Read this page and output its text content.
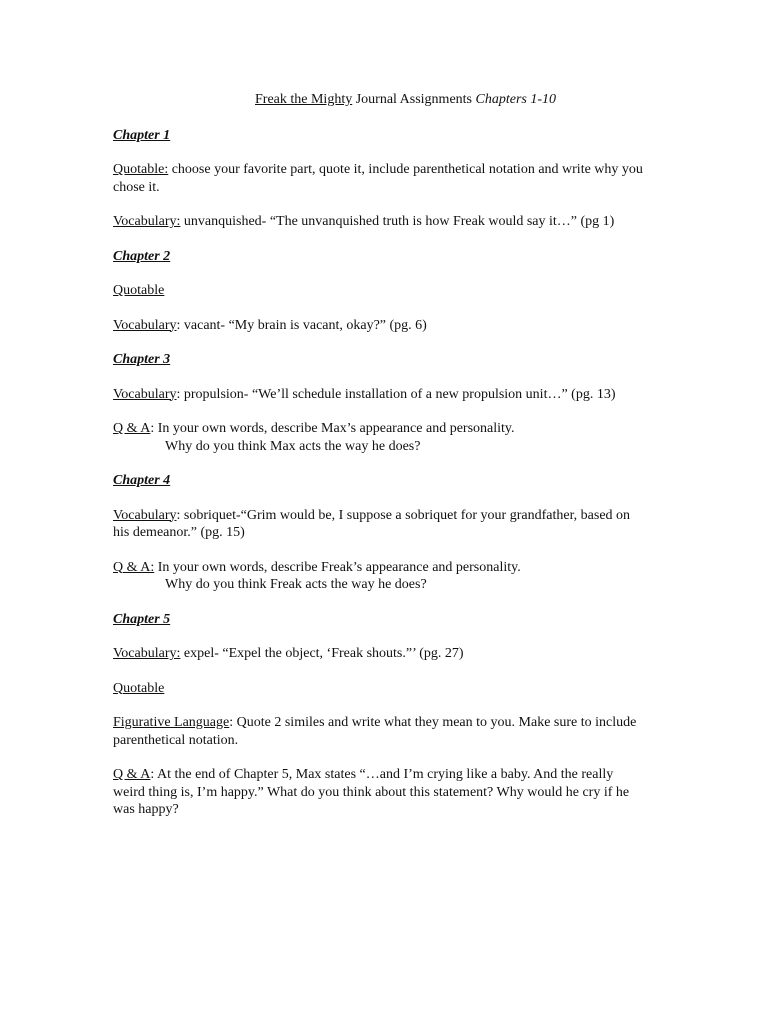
Freak the Mighty Journal Assignments Chapters 1-10
Chapter 1
Quotable: choose your favorite part, quote it, include parenthetical notation and write why you chose it.
Vocabulary: unvanquished- “The unvanquished truth is how Freak would say it…” (pg 1)
Chapter 2
Quotable
Vocabulary: vacant- “My brain is vacant, okay?” (pg. 6)
Chapter 3
Vocabulary: propulsion- “We’ll schedule installation of a new propulsion unit…” (pg. 13)
Q & A: In your own words, describe Max’s appearance and personality.
Why do you think Max acts the way he does?
Chapter 4
Vocabulary: sobriquet-“Grim would be, I suppose a sobriquet for your grandfather, based on his demeanor.” (pg. 15)
Q & A: In your own words, describe Freak’s appearance and personality.
Why do you think Freak acts the way he does?
Chapter 5
Vocabulary: expel- “Expel the object, ‘Freak shouts.”’ (pg. 27)
Quotable
Figurative Language: Quote 2 similes and write what they mean to you. Make sure to include parenthetical notation.
Q & A: At the end of Chapter 5, Max states “…and I’m crying like a baby. And the really weird thing is, I’m happy.” What do you think about this statement? Why would he cry if he was happy?
